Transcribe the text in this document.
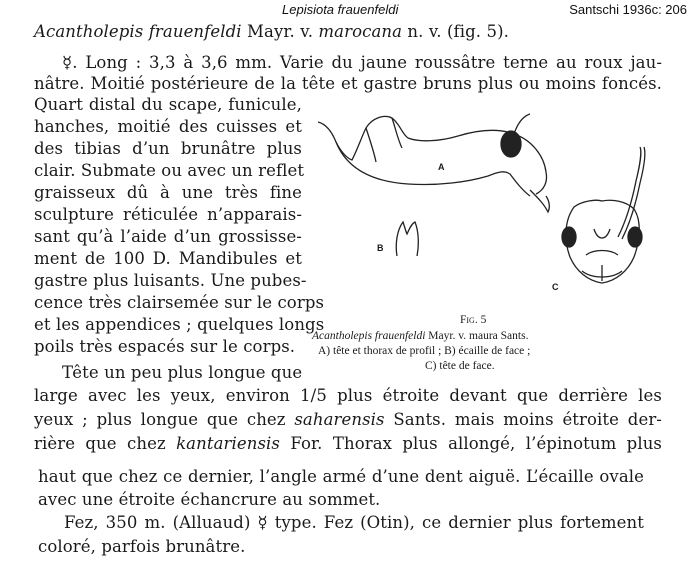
Lepisiota frauenfeldi	Santschi 1936c: 206
Acantholepis frauenfeldi Mayr. v. marocana n. v. (fig. 5).
☿. Long : 3,3 à 3,6 mm. Varie du jaune roussâtre terne au roux jau-
nâtre. Moitié postérieure de la tête et gastre bruns plus ou moins foncés.
Quart distal du scape, funicule,
hanches, moitié des cuisses et
des tibias d’un brunâtre plus
clair. Submate ou avec un reflet
graisseux dû à une très fine
sculpture réticulée n’apparais-
sant qu’à l’aide d’un grossisse-
ment de 100 D. Mandibules et
gastre plus luisants. Une pubes-
cence très clairsemée sur le corps
et les appendices ; quelques longs
poils très espacés sur le corps.
Tête un peu plus longue que
large avec les yeux, environ 1/5 plus étroite devant que derrière les
yeux ; plus longue que chez saharensis Sants. mais moins étroite der-
rière que chez kantariensis For. Thorax plus allongé, l’épinotum plus
haut que chez ce dernier, l’angle armé d’une dent aiguë. L’écaille ovale
avec une étroite échancrure au sommet.
Fez, 350 m. (Alluaud) ☿ type. Fez (Otin), ce dernier plus fortement
coloré, parfois brunâtre.
A
B
C
Fig. 5
Acantholepis frauenfeldi Mayr. v. maura Sants.
A) tête et thorax de profil ; B) écaille de face ;
C) tête de face.
